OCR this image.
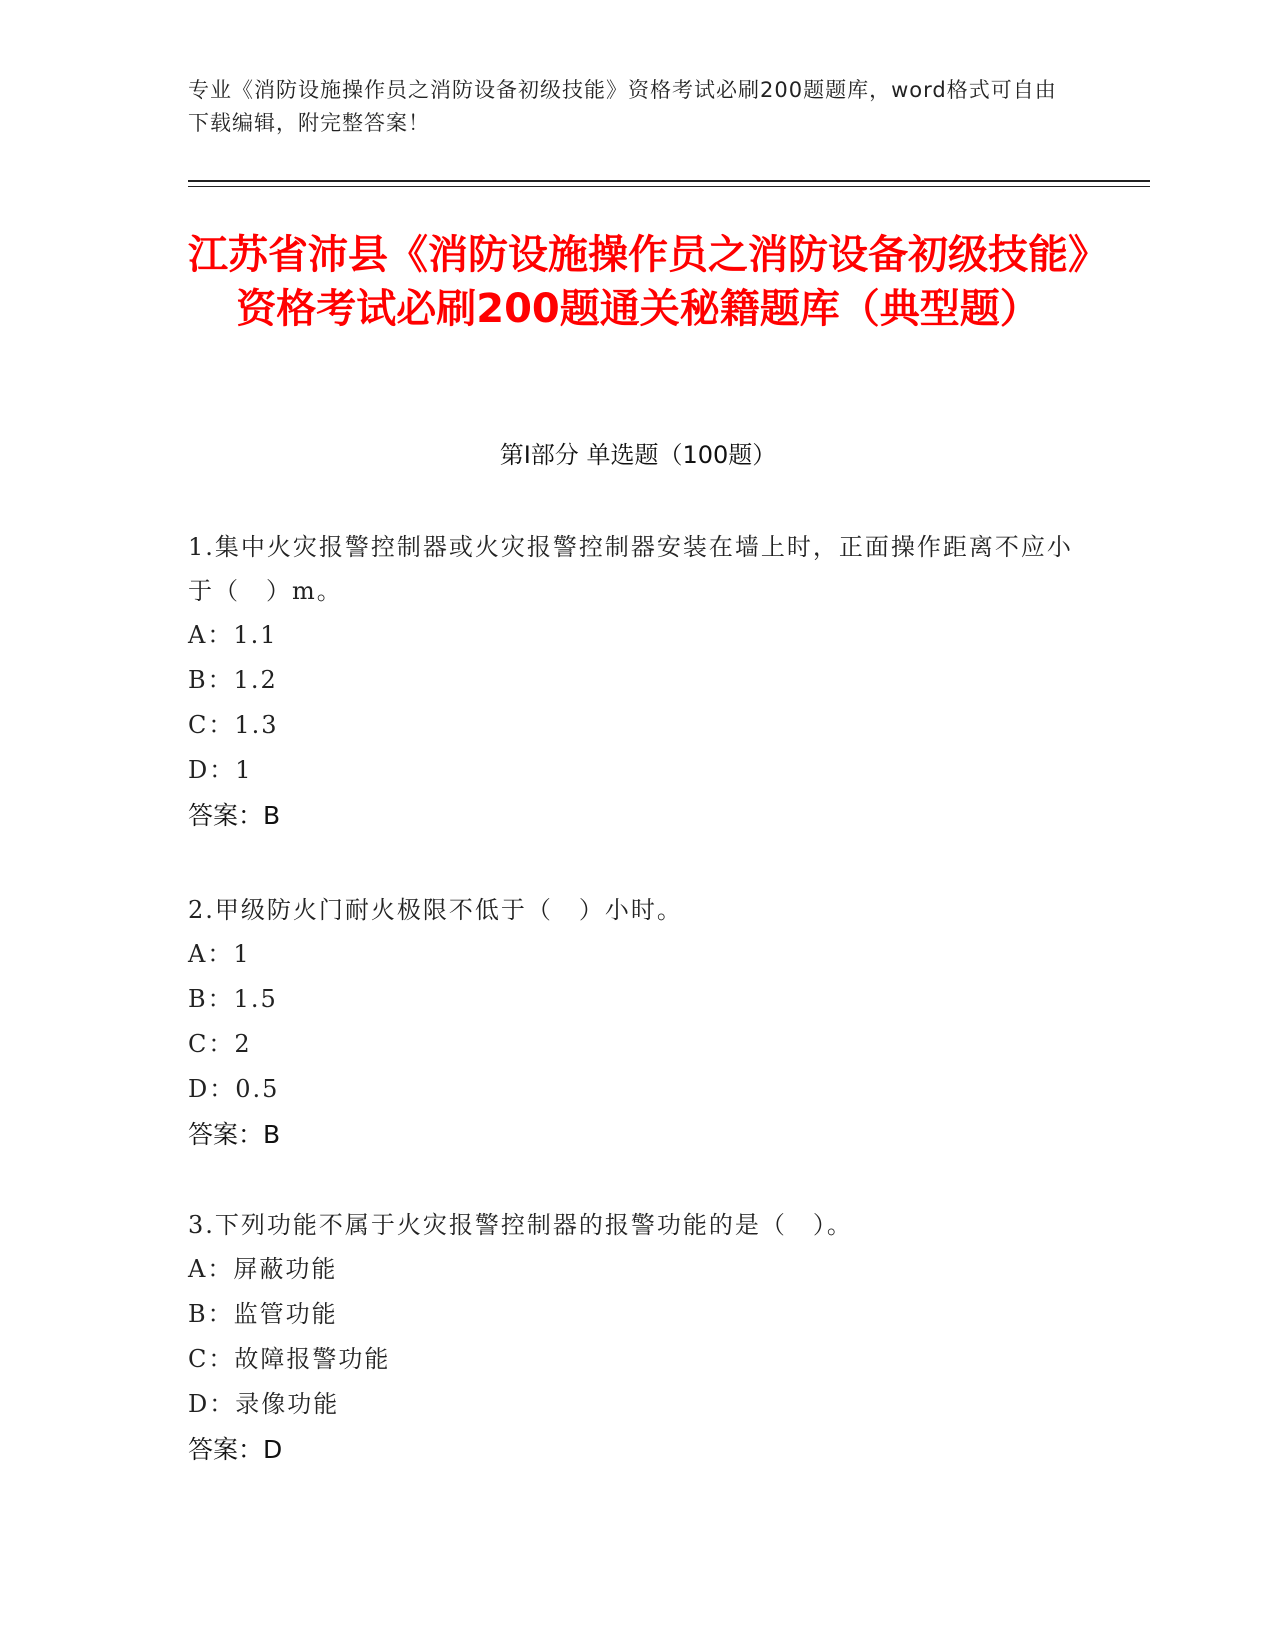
专业《消防设施操作员之消防设备初级技能》资格考试必刷200题题库，word格式可自由下载编辑，附完整答案！
江苏省沛县《消防设施操作员之消防设备初级技能》资格考试必刷200题通关秘籍题库（典型题）
第Ⅰ部分 单选题（100题）
1.集中火灾报警控制器或火灾报警控制器安装在墙上时，正面操作距离不应小于（　）m。
A：1.1
B：1.2
C：1.3
D：1
答案：B
2.甲级防火门耐火极限不低于（　）小时。
A：1
B：1.5
C：2
D：0.5
答案：B
3.下列功能不属于火灾报警控制器的报警功能的是（　）。
A：屏蔽功能
B：监管功能
C：故障报警功能
D：录像功能
答案：D
